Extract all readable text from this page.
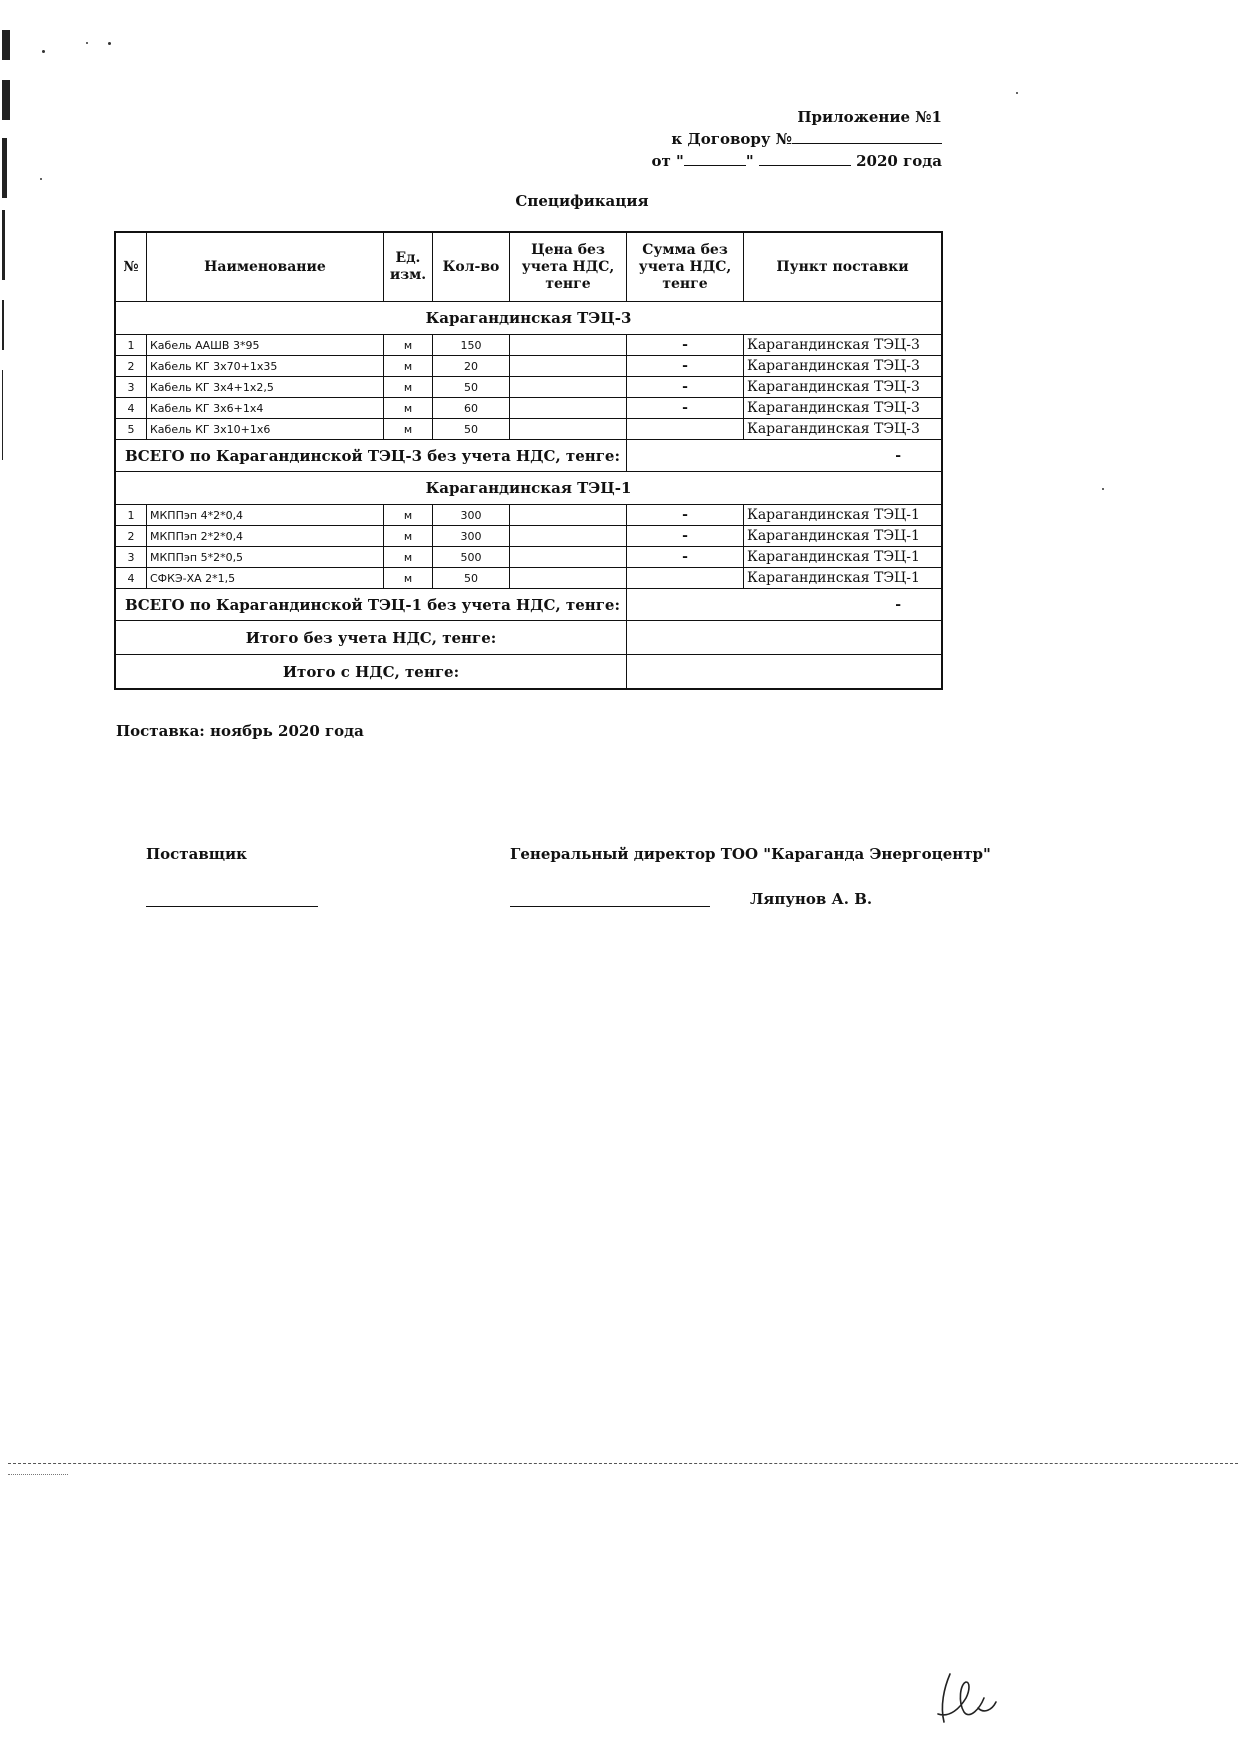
Приложение №1
к Договору №
от "	"	2020 года
Спецификация
№	Наименование	Ед. изм.	Кол-во	Цена без учета НДС, тенге	Сумма без учета НДС, тенге	Пункт поставки
Карагандинская ТЭЦ-3						
1	Кабель ААШВ 3*95	м	150		-	Карагандинская ТЭЦ-3
2	Кабель КГ 3х70+1х35	м	20		-	Карагандинская ТЭЦ-3
3	Кабель КГ 3х4+1х2,5	м	50		-	Карагандинская ТЭЦ-3
4	Кабель КГ 3х6+1х4	м	60		-	Карагандинская ТЭЦ-3
5	Кабель КГ 3х10+1х6	м	50			Карагандинская ТЭЦ-3
ВСЕГО по Карагандинской ТЭЦ-3 без учета НДС, тенге:					-	
Карагандинская ТЭЦ-1						
1	МКППэп 4*2*0,4	м	300		-	Карагандинская ТЭЦ-1
2	МКППэп 2*2*0,4	м	300		-	Карагандинская ТЭЦ-1
3	МКППэп 5*2*0,5	м	500		-	Карагандинская ТЭЦ-1
4	СФКЭ-ХА 2*1,5	м	50			Карагандинская ТЭЦ-1
ВСЕГО по Карагандинской ТЭЦ-1 без учета НДС, тенге:					-	
Итого без учета НДС, тенге:						
Итого с НДС, тенге:						
Поставка: ноябрь 2020 года
Поставщик	Генеральный директор ТОО "Караганда Энергоцентр"
Ляпунов А. В.
